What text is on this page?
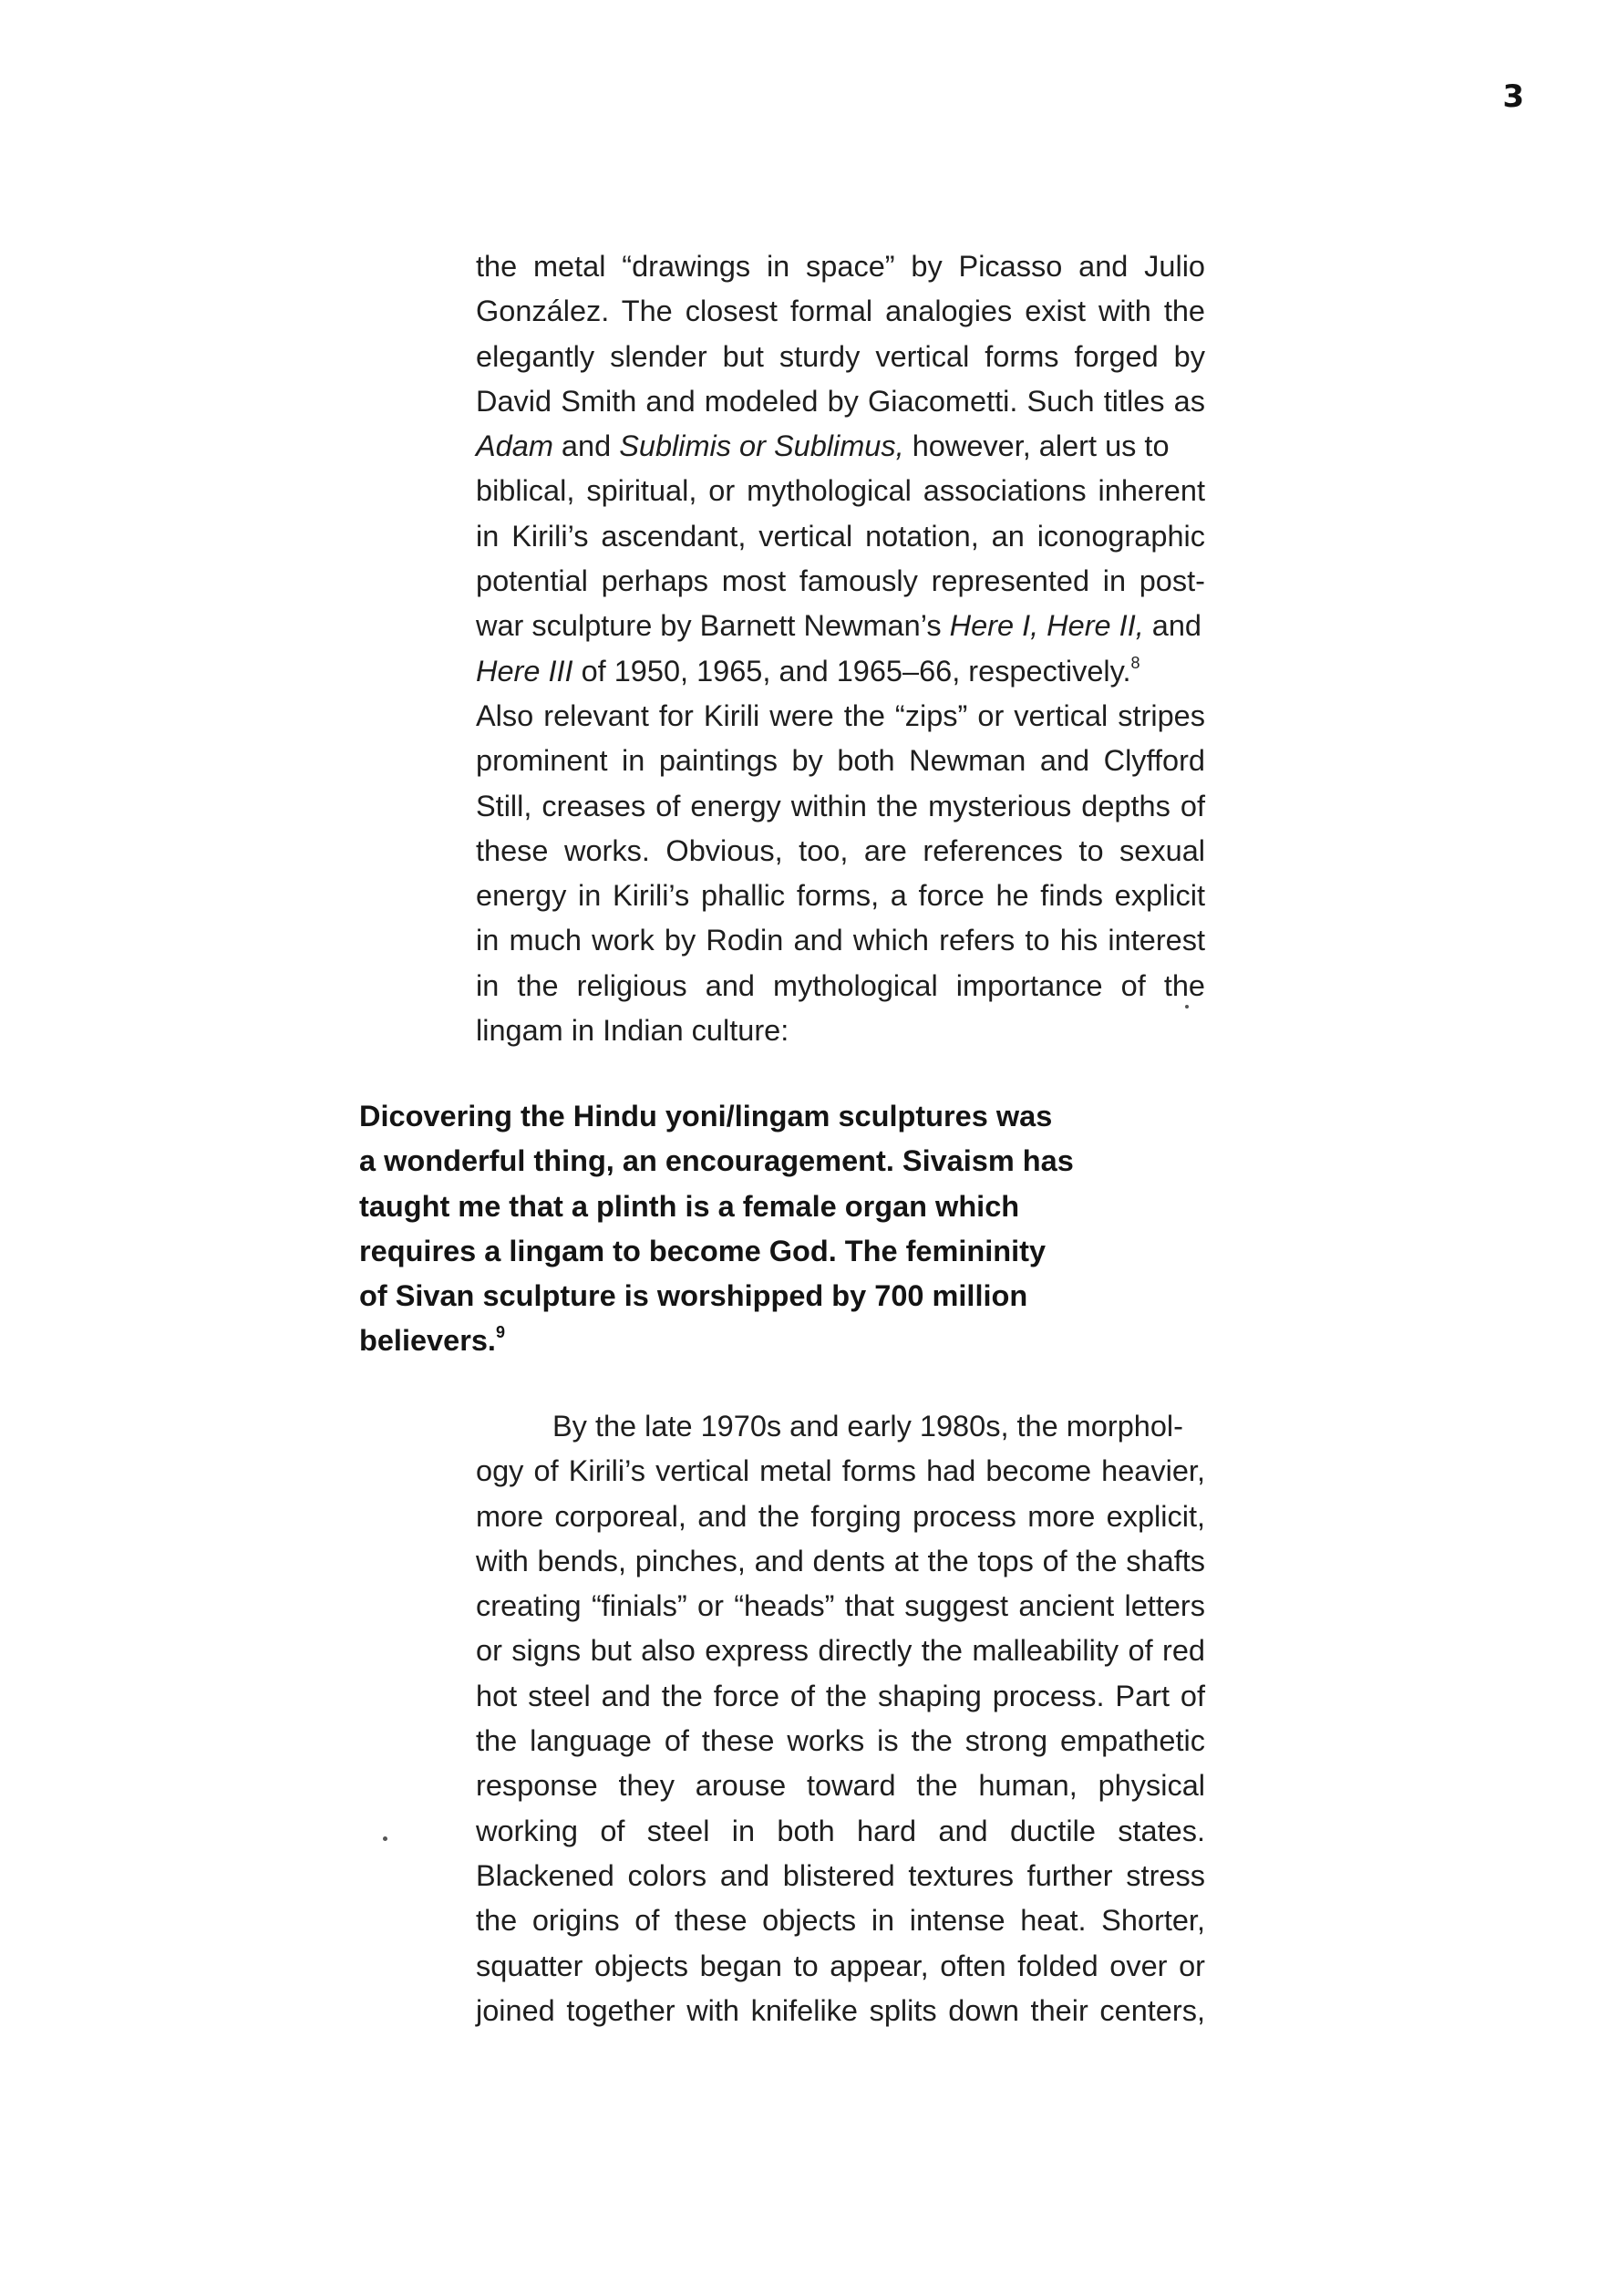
3
the metal “drawings in space” by Picasso and Julio
González. The closest formal analogies exist with the
elegantly slender but sturdy vertical forms forged by
David Smith and modeled by Giacometti. Such titles as
Adam and Sublimis or Sublimus, however, alert us to
biblical, spiritual, or mythological associations inherent
in Kirili’s ascendant, vertical notation, an iconographic
potential perhaps most famously represented in post-
war sculpture by Barnett Newman’s Here I, Here II, and
Here III of 1950, 1965, and 1965–66, respectively.$^8$
Also relevant for Kirili were the “zips” or vertical stripes
prominent in paintings by both Newman and Clyfford
Still, creases of energy within the mysterious depths of
these works. Obvious, too, are references to sexual
energy in Kirili’s phallic forms, a force he finds explicit
in much work by Rodin and which refers to his interest
in the religious and mythological importance of the
lingam in Indian culture:
Dicovering the Hindu yoni/lingam sculptures was
a wonderful thing, an encouragement. Sivaism has
taught me that a plinth is a female organ which
requires a lingam to become God. The femininity
of Sivan sculpture is worshipped by 700 million
believers.$^9$
By the late 1970s and early 1980s, the morphol-
ogy of Kirili’s vertical metal forms had become heavier,
more corporeal, and the forging process more explicit,
with bends, pinches, and dents at the tops of the shafts
creating “finials” or “heads” that suggest ancient letters
or signs but also express directly the malleability of red
hot steel and the force of the shaping process. Part of
the language of these works is the strong empathetic
response they arouse toward the human, physical
working of steel in both hard and ductile states.
Blackened colors and blistered textures further stress
the origins of these objects in intense heat. Shorter,
squatter objects began to appear, often folded over or
joined together with knifelike splits down their centers,
